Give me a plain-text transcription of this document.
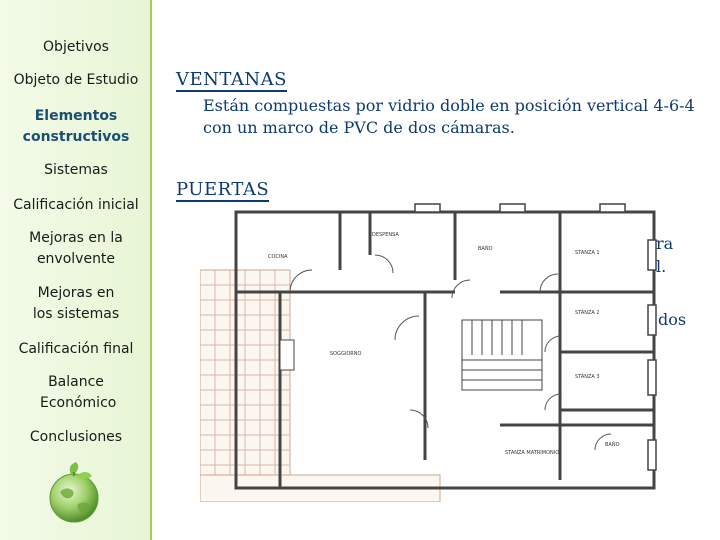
Objetivos
Objeto de Estudio
Elementos constructivos
Sistemas
Calificación inicial
Mejoras en la envolvente
Mejoras en los sistemas
Calificación final
Balance Económico
Conclusiones
VENTANAS
Están compuestas por vidrio doble en posición vertical 4-6-4
con un marco de PVC de dos cámaras.
PUERTAS
ra
l.
dos
DESPENSA
COCINA
BAÑO
STANZA 1
STANZA 2
STANZA 3
SOGGIORNO
STANZA MATRIMONIO
BAÑO
